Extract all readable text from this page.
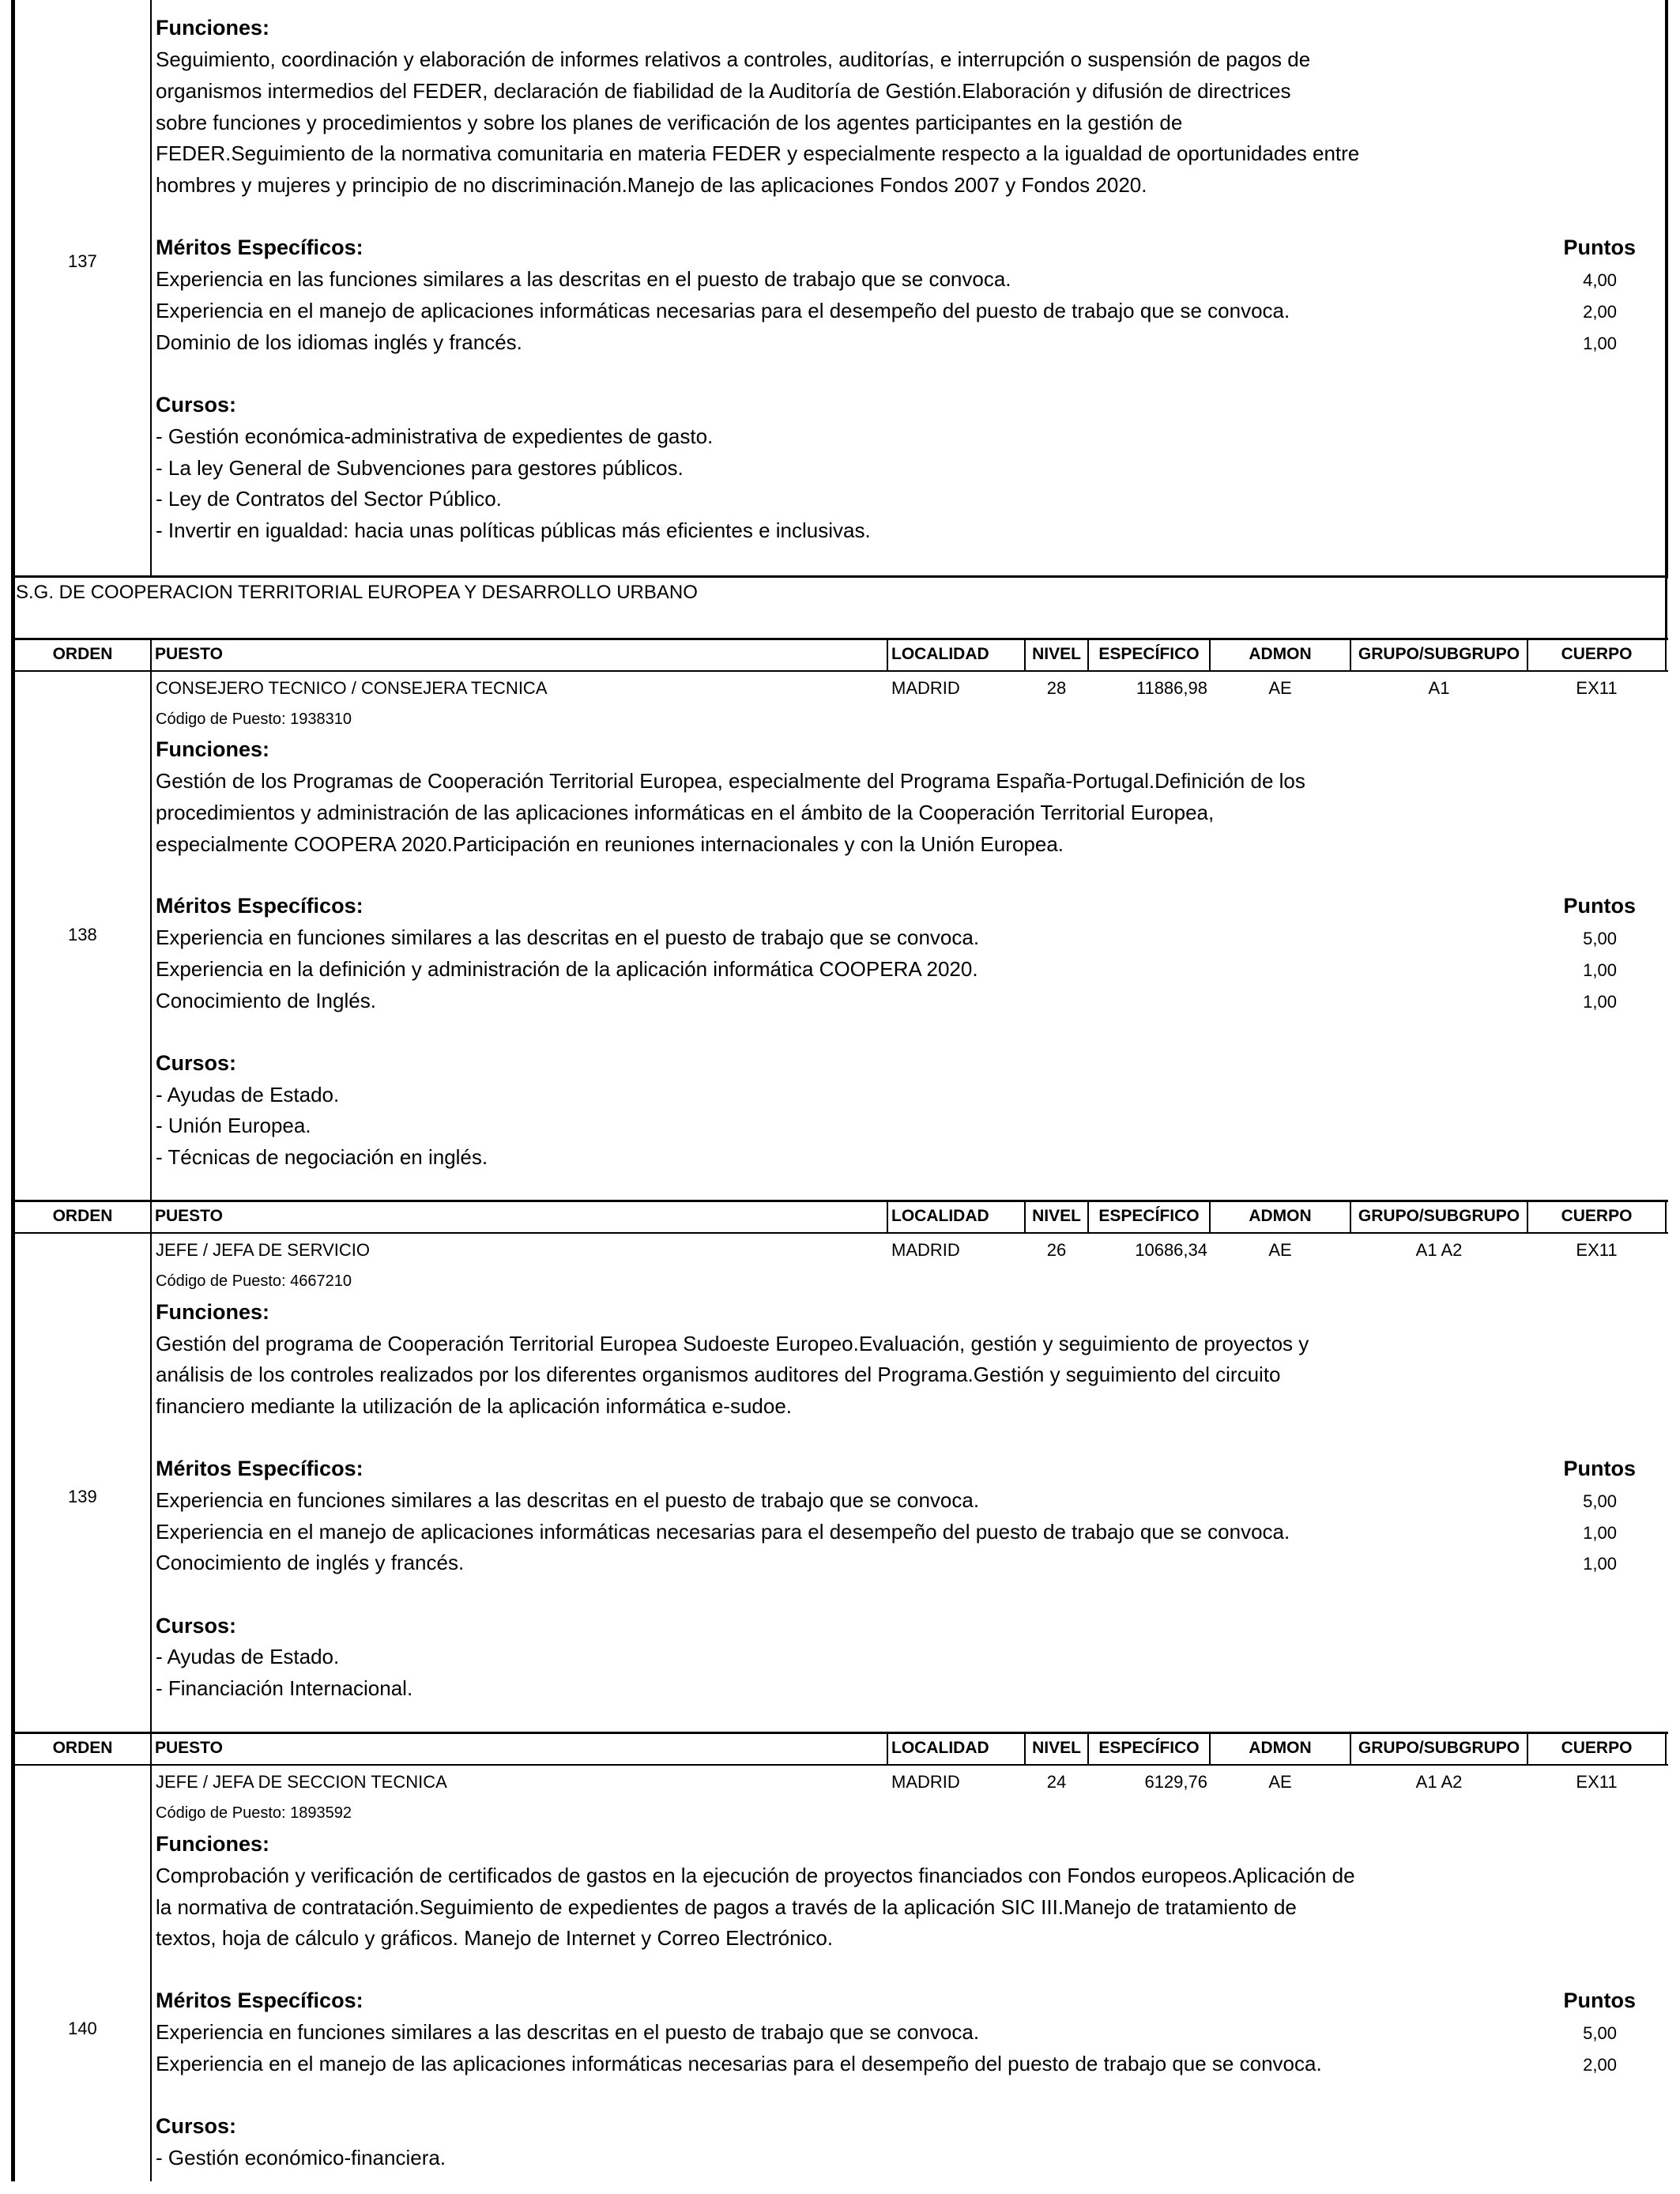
Funciones:
Seguimiento, coordinación y elaboración de informes relativos a controles, auditorías, e interrupción o suspensión de pagos de
organismos intermedios del FEDER, declaración de fiabilidad de la Auditoría de Gestión.Elaboración y difusión de directrices
sobre funciones y procedimientos y sobre los planes de verificación de los agentes participantes en la gestión de
FEDER.Seguimiento de la normativa comunitaria en materia FEDER y especialmente respecto a la igualdad de oportunidades entre
hombres y mujeres y principio de no discriminación.Manejo de las aplicaciones Fondos 2007 y Fondos 2020.
137
Méritos Específicos:	Puntos
Experiencia en las funciones similares a las descritas en el puesto de trabajo que se convoca.	4,00
Experiencia en el manejo de aplicaciones informáticas necesarias para el desempeño del puesto de trabajo que se convoca.	2,00
Dominio de los idiomas inglés y francés.	1,00
Cursos:
- Gestión económica-administrativa de expedientes de gasto.
- La ley General de Subvenciones para gestores públicos.
- Ley de Contratos del Sector Público.
- Invertir en igualdad: hacia unas políticas públicas más eficientes e inclusivas.
S.G. DE COOPERACION TERRITORIAL EUROPEA Y DESARROLLO URBANO
ORDEN	PUESTO	LOCALIDAD	NIVEL	ESPECÍFICO	ADMON	GRUPO/SUBGRUPO	CUERPO
CONSEJERO TECNICO / CONSEJERA TECNICA	MADRID	28	11886,98	AE	A1	EX11
Código de Puesto: 1938310
Funciones:
Gestión de los Programas de Cooperación Territorial Europea, especialmente del Programa España-Portugal.Definición de los
procedimientos y administración de las aplicaciones informáticas en el ámbito de la Cooperación Territorial Europea,
especialmente COOPERA 2020.Participación en reuniones internacionales y con la Unión Europea.
138
Méritos Específicos:	Puntos
Experiencia en funciones similares a las descritas en el puesto de trabajo que se convoca.	5,00
Experiencia en la definición y administración de la aplicación informática COOPERA 2020.	1,00
Conocimiento de Inglés.	1,00
Cursos:
- Ayudas de Estado.
- Unión Europea.
- Técnicas de negociación en inglés.
ORDEN	PUESTO	LOCALIDAD	NIVEL	ESPECÍFICO	ADMON	GRUPO/SUBGRUPO	CUERPO
JEFE / JEFA DE SERVICIO	MADRID	26	10686,34	AE	A1 A2	EX11
Código de Puesto: 4667210
Funciones:
Gestión del programa de Cooperación Territorial Europea Sudoeste Europeo.Evaluación, gestión y seguimiento de proyectos y
análisis de los controles realizados por los diferentes organismos auditores del Programa.Gestión y seguimiento del circuito
financiero mediante la utilización de la aplicación informática e-sudoe.
139
Méritos Específicos:	Puntos
Experiencia en funciones similares a las descritas en el puesto de trabajo que se convoca.	5,00
Experiencia en el manejo de aplicaciones informáticas necesarias para el desempeño del puesto de trabajo que se convoca.	1,00
Conocimiento de inglés y francés.	1,00
Cursos:
- Ayudas de Estado.
- Financiación Internacional.
ORDEN	PUESTO	LOCALIDAD	NIVEL	ESPECÍFICO	ADMON	GRUPO/SUBGRUPO	CUERPO
JEFE / JEFA DE SECCION TECNICA	MADRID	24	6129,76	AE	A1 A2	EX11
Código de Puesto: 1893592
Funciones:
Comprobación y verificación de certificados de gastos en la ejecución de proyectos financiados con Fondos europeos.Aplicación de
la normativa de contratación.Seguimiento de expedientes de pagos a través de la aplicación SIC III.Manejo de tratamiento de
textos, hoja de cálculo y gráficos. Manejo de Internet y Correo Electrónico.
140
Méritos Específicos:	Puntos
Experiencia en funciones similares a las descritas en el puesto de trabajo que se convoca.	5,00
Experiencia en el manejo de las aplicaciones informáticas necesarias para el desempeño del puesto de trabajo que se convoca.	2,00
Cursos:
- Gestión económico-financiera.
